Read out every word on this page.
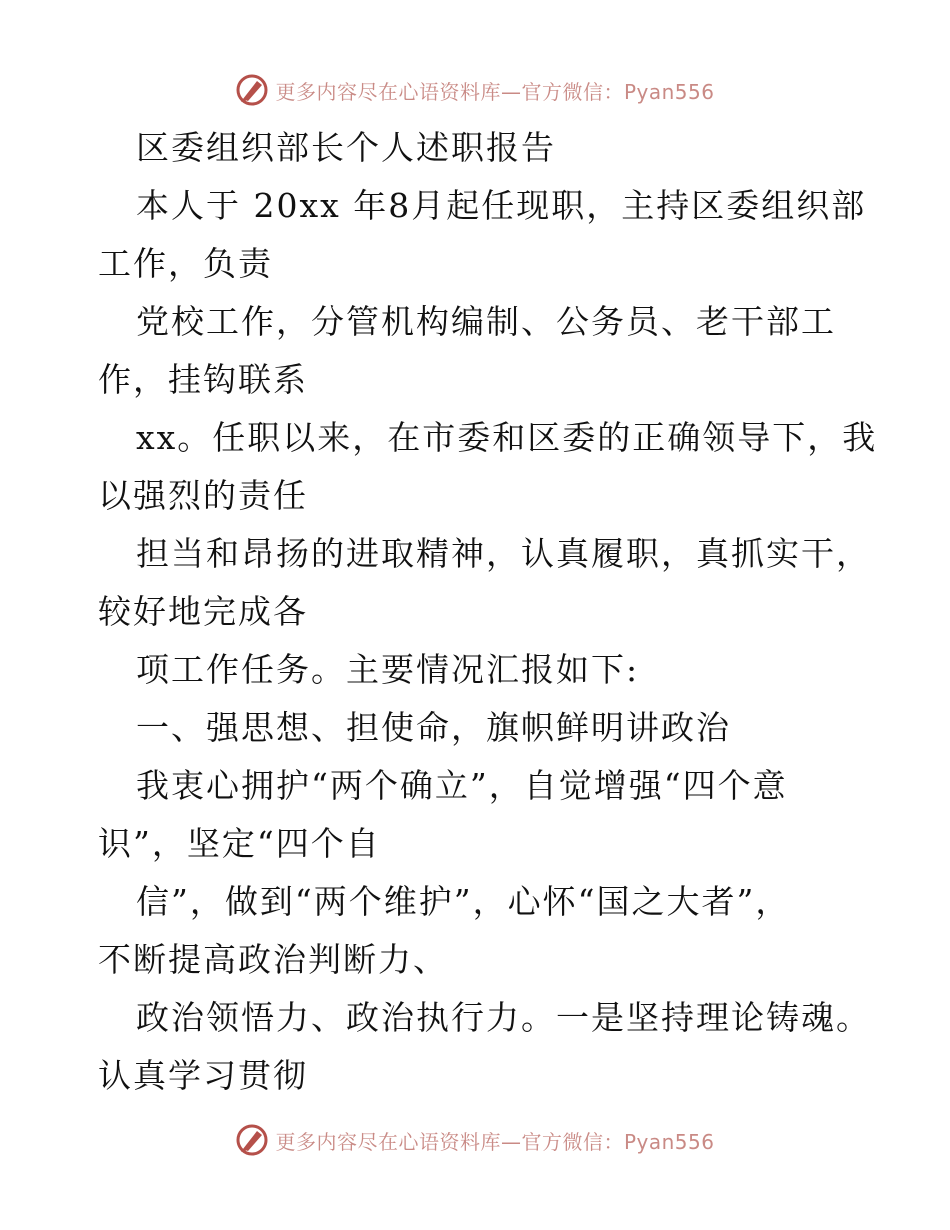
更多内容尽在心语资料库—官方微信：Pyan556
区委组织部长个人述职报告
本人于 20xx 年8月起任现职，主持区委组织部
工作，负责
党校工作，分管机构编制、公务员、老干部工
作，挂钩联系
xx。任职以来，在市委和区委的正确领导下，我
以强烈的责任
担当和昂扬的进取精神，认真履职，真抓实干，
较好地完成各
项工作任务。主要情况汇报如下:
一、强思想、担使命，旗帜鲜明讲政治
我衷心拥护“两个确立”，自觉增强“四个意
识”，坚定“四个自
信”，做到“两个维护”，心怀“国之大者”，
不断提高政治判断力、
政治领悟力、政治执行力。一是坚持理论铸魂。
认真学习贯彻
更多内容尽在心语资料库—官方微信：Pyan556
